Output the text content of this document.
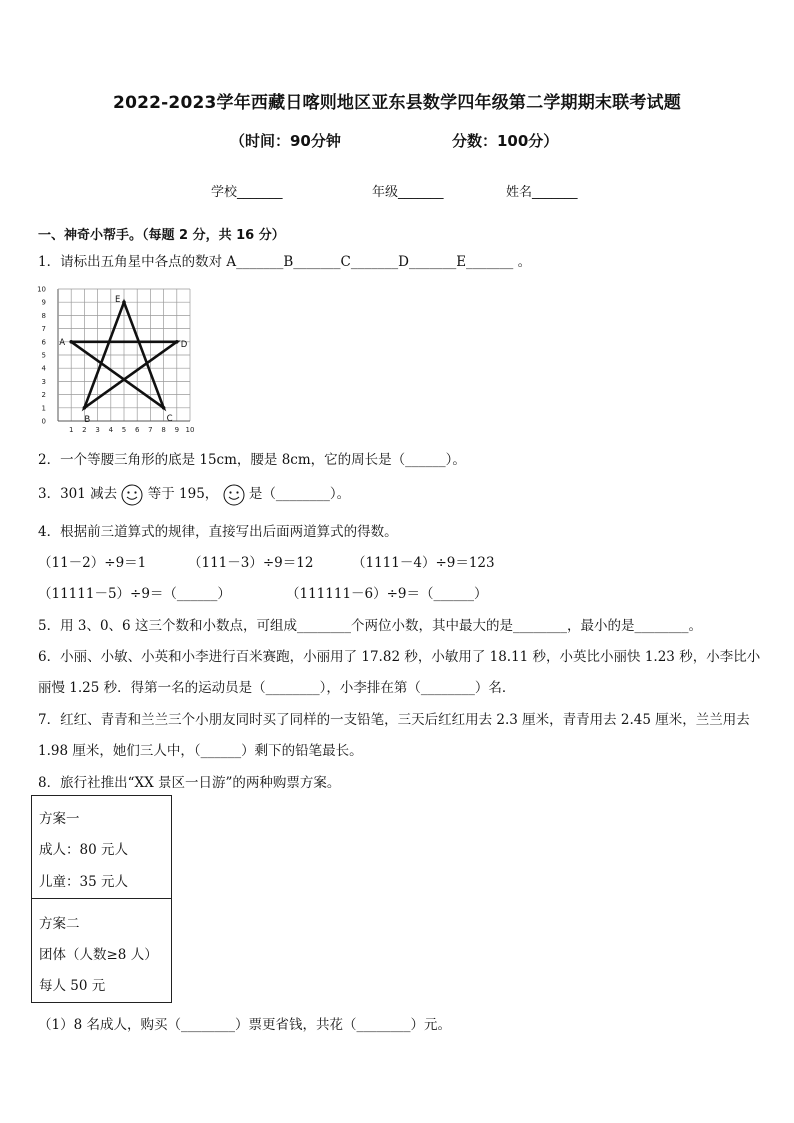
2022-2023学年西藏日喀则地区亚东县数学四年级第二学期期末联考试题
（时间：90分钟	分数：100分）
学校_______	年级_______	姓名_______
一、神奇小帮手。（每题 2 分，共 16 分）
1．请标出五角星中各点的数对 A_______B_______C_______D_______E_______ 。
1 2 3 4 5 6 7 8 9 10
0
1
2
3
4
5
6
7
8
9
10
A
B	C
D
E
2．一个等腰三角形的底是 15cm，腰是 8cm，它的周长是（______）。
3．301 减去  等于 195， 是（________）。
4．根据前三道算式的规律，直接写出后面两道算式的得数。
（11－2）÷9＝1	（111－3）÷9＝12	（1111－4）÷9＝123
（11111－5）÷9＝（______）	（111111－6）÷9＝（______）
5．用 3、0、6 这三个数和小数点，可组成________个两位小数，其中最大的是________，最小的是________。
6．小丽、小敏、小英和小李进行百米赛跑，小丽用了 17.82 秒，小敏用了 18.11 秒，小英比小丽快 1.23 秒，小李比小
丽慢 1.25 秒．得第一名的运动员是（________），小李排在第（________）名．
7．红红、青青和兰兰三个小朋友同时买了同样的一支铅笔，三天后红红用去 2.3 厘米，青青用去 2.45 厘米，兰兰用去
1.98 厘米，她们三人中，（______）剩下的铅笔最长。
8．旅行社推出“XX 景区一日游”的两种购票方案。
方案一
成人：80 元人
儿童：35 元人
方案二
团体（人数≥8 人）
每人 50 元
（1）8 名成人，购买（________）票更省钱，共花（________）元。
